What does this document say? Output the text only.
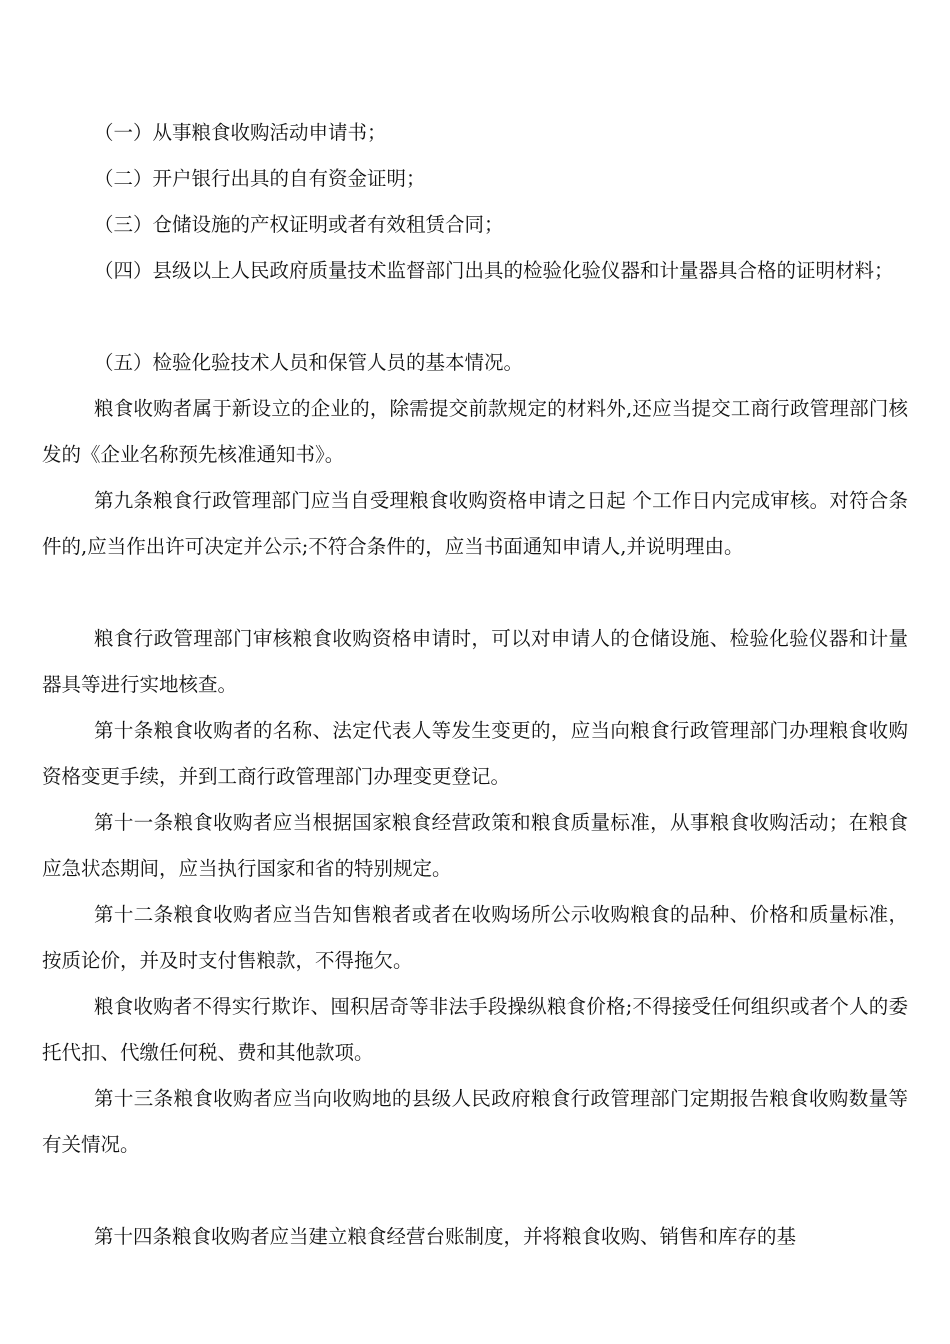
（一）从事粮食收购活动申请书；

（二）开户银行出具的自有资金证明；

（三）仓储设施的产权证明或者有效租赁合同；

（四）县级以上人民政府质量技术监督部门出具的检验化验仪器和计量器具合格的证明材料；

（五）检验化验技术人员和保管人员的基本情况。

粮食收购者属于新设立的企业的，除需提交前款规定的材料外,还应当提交工商行政管理部门核发的《企业名称预先核准通知书》。

第九条粮食行政管理部门应当自受理粮食收购资格申请之日起 个工作日内完成审核。对符合条件的,应当作出许可决定并公示;不符合条件的，应当书面通知申请人,并说明理由。

粮食行政管理部门审核粮食收购资格申请时，可以对申请人的仓储设施、检验化验仪器和计量器具等进行实地核查。

第十条粮食收购者的名称、法定代表人等发生变更的，应当向粮食行政管理部门办理粮食收购资格变更手续，并到工商行政管理部门办理变更登记。

第十一条粮食收购者应当根据国家粮食经营政策和粮食质量标准，从事粮食收购活动；在粮食应急状态期间，应当执行国家和省的特别规定。

第十二条粮食收购者应当告知售粮者或者在收购场所公示收购粮食的品种、价格和质量标准，按质论价，并及时支付售粮款，不得拖欠。

粮食收购者不得实行欺诈、囤积居奇等非法手段操纵粮食价格;不得接受任何组织或者个人的委托代扣、代缴任何税、费和其他款项。

第十三条粮食收购者应当向收购地的县级人民政府粮食行政管理部门定期报告粮食收购数量等有关情况。

第十四条粮食收购者应当建立粮食经营台账制度，并将粮食收购、销售和库存的基
